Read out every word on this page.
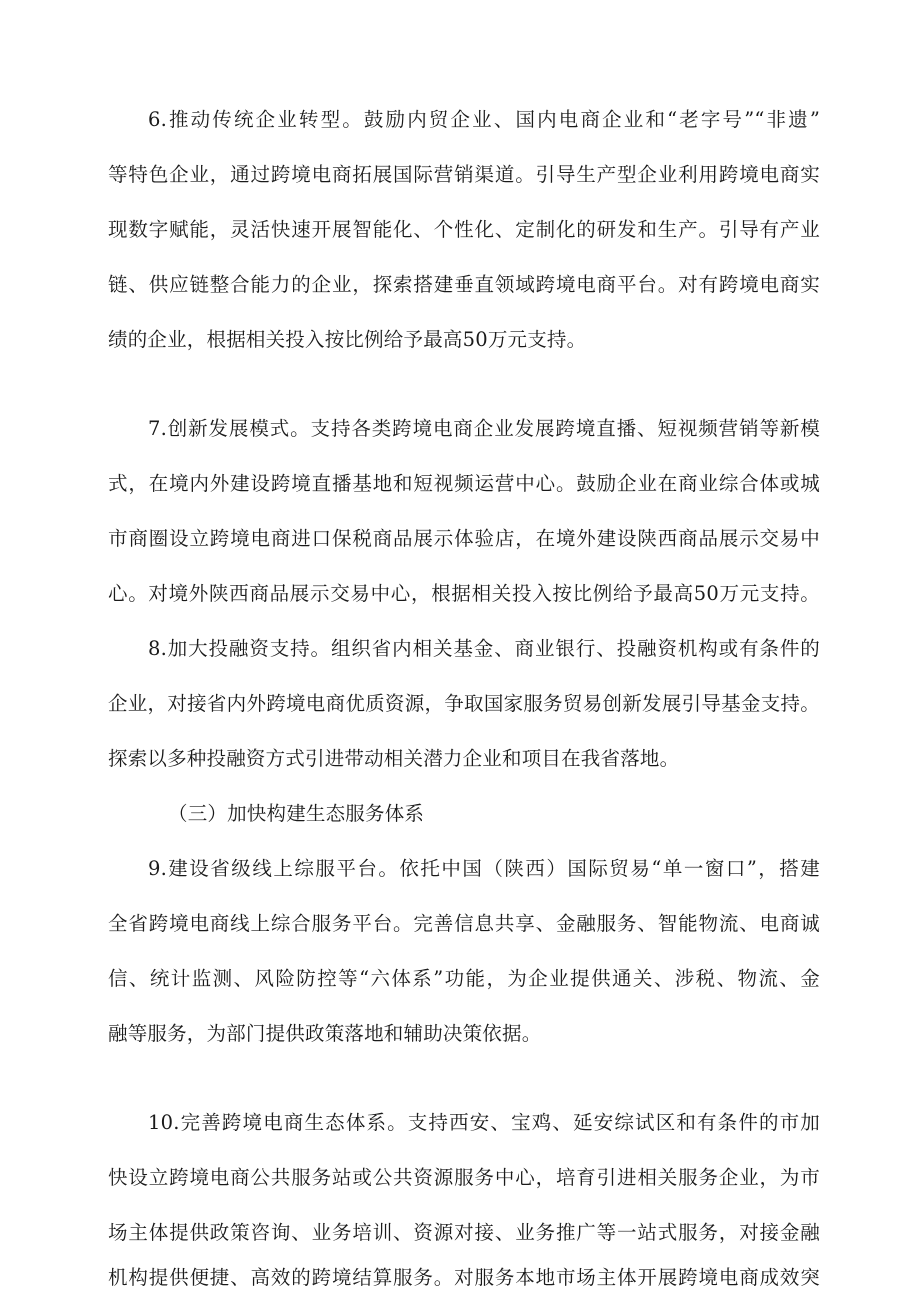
6.推动传统企业转型。鼓励内贸企业、国内电商企业和“老字号”“非遗”
等特色企业，通过跨境电商拓展国际营销渠道。引导生产型企业利用跨境电商实
现数字赋能，灵活快速开展智能化、个性化、定制化的研发和生产。引导有产业
链、供应链整合能力的企业，探索搭建垂直领域跨境电商平台。对有跨境电商实
绩的企业，根据相关投入按比例给予最高50万元支持。
7.创新发展模式。支持各类跨境电商企业发展跨境直播、短视频营销等新模
式，在境内外建设跨境直播基地和短视频运营中心。鼓励企业在商业综合体或城
市商圈设立跨境电商进口保税商品展示体验店，在境外建设陕西商品展示交易中
心。对境外陕西商品展示交易中心，根据相关投入按比例给予最高50万元支持。
8.加大投融资支持。组织省内相关基金、商业银行、投融资机构或有条件的
企业，对接省内外跨境电商优质资源，争取国家服务贸易创新发展引导基金支持。
探索以多种投融资方式引进带动相关潜力企业和项目在我省落地。
（三）加快构建生态服务体系
9.建设省级线上综服平台。依托中国（陕西）国际贸易“单一窗口”，搭建
全省跨境电商线上综合服务平台。完善信息共享、金融服务、智能物流、电商诚
信、统计监测、风险防控等“六体系”功能，为企业提供通关、涉税、物流、金
融等服务，为部门提供政策落地和辅助决策依据。
10.完善跨境电商生态体系。支持西安、宝鸡、延安综试区和有条件的市加
快设立跨境电商公共服务站或公共资源服务中心，培育引进相关服务企业，为市
场主体提供政策咨询、业务培训、资源对接、业务推广等一站式服务，对接金融
机构提供便捷、高效的跨境结算服务。对服务本地市场主体开展跨境电商成效突
